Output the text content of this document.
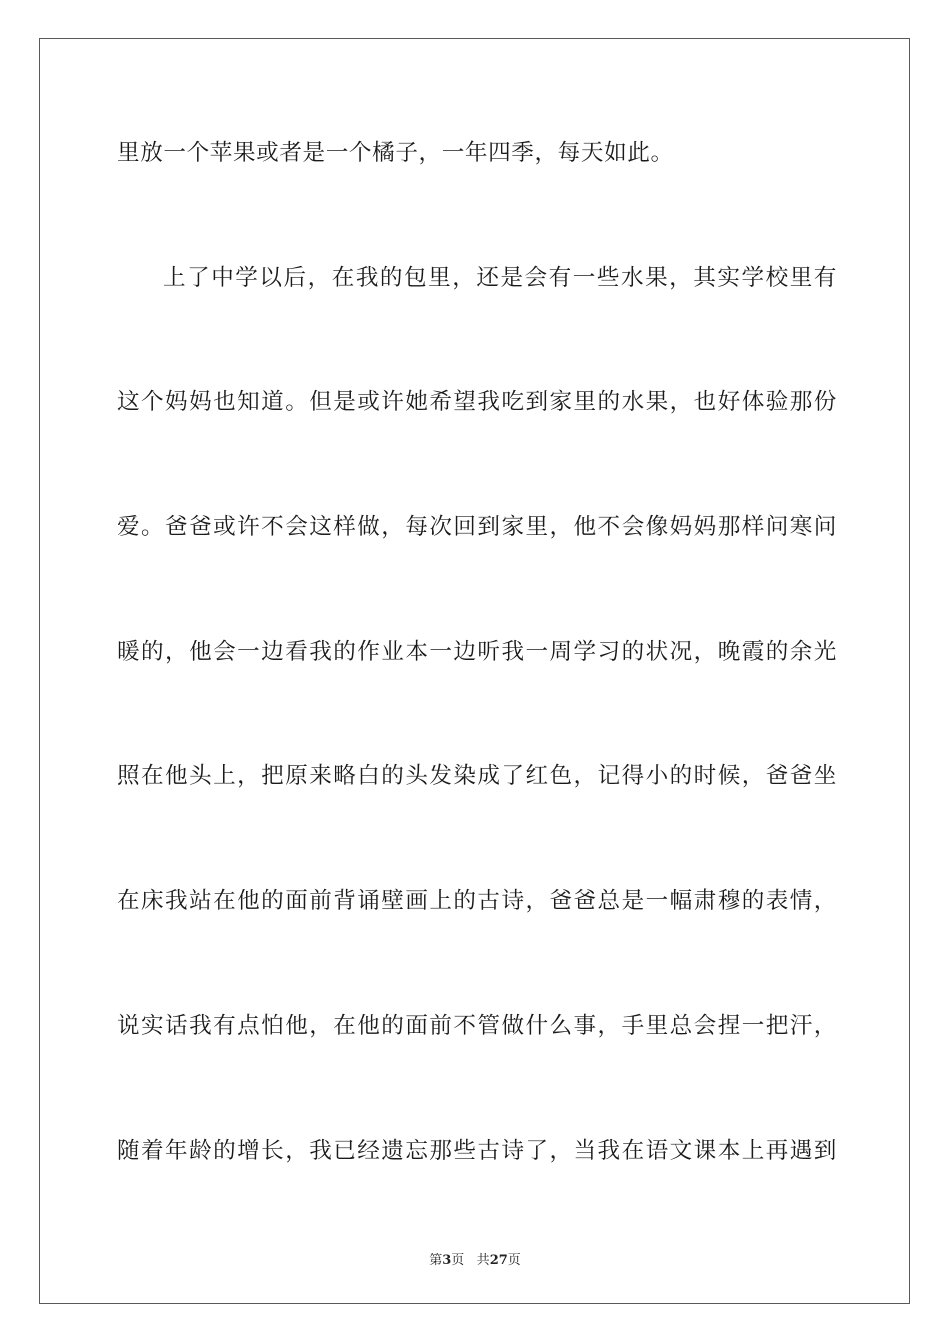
里放一个苹果或者是一个橘子，一年四季，每天如此。
上了中学以后，在我的包里，还是会有一些水果，其实学校里有
这个妈妈也知道。但是或许她希望我吃到家里的水果，也好体验那份
爱。爸爸或许不会这样做，每次回到家里，他不会像妈妈那样问寒问
暖的，他会一边看我的作业本一边听我一周学习的状况，晚霞的余光
照在他头上，把原来略白的头发染成了红色，记得小的时候，爸爸坐
在床我站在他的面前背诵壁画上的古诗，爸爸总是一幅肃穆的表情，
说实话我有点怕他，在他的面前不管做什么事，手里总会捏一把汗，
随着年龄的增长，我已经遗忘那些古诗了，当我在语文课本上再遇到
第3页 共27页
